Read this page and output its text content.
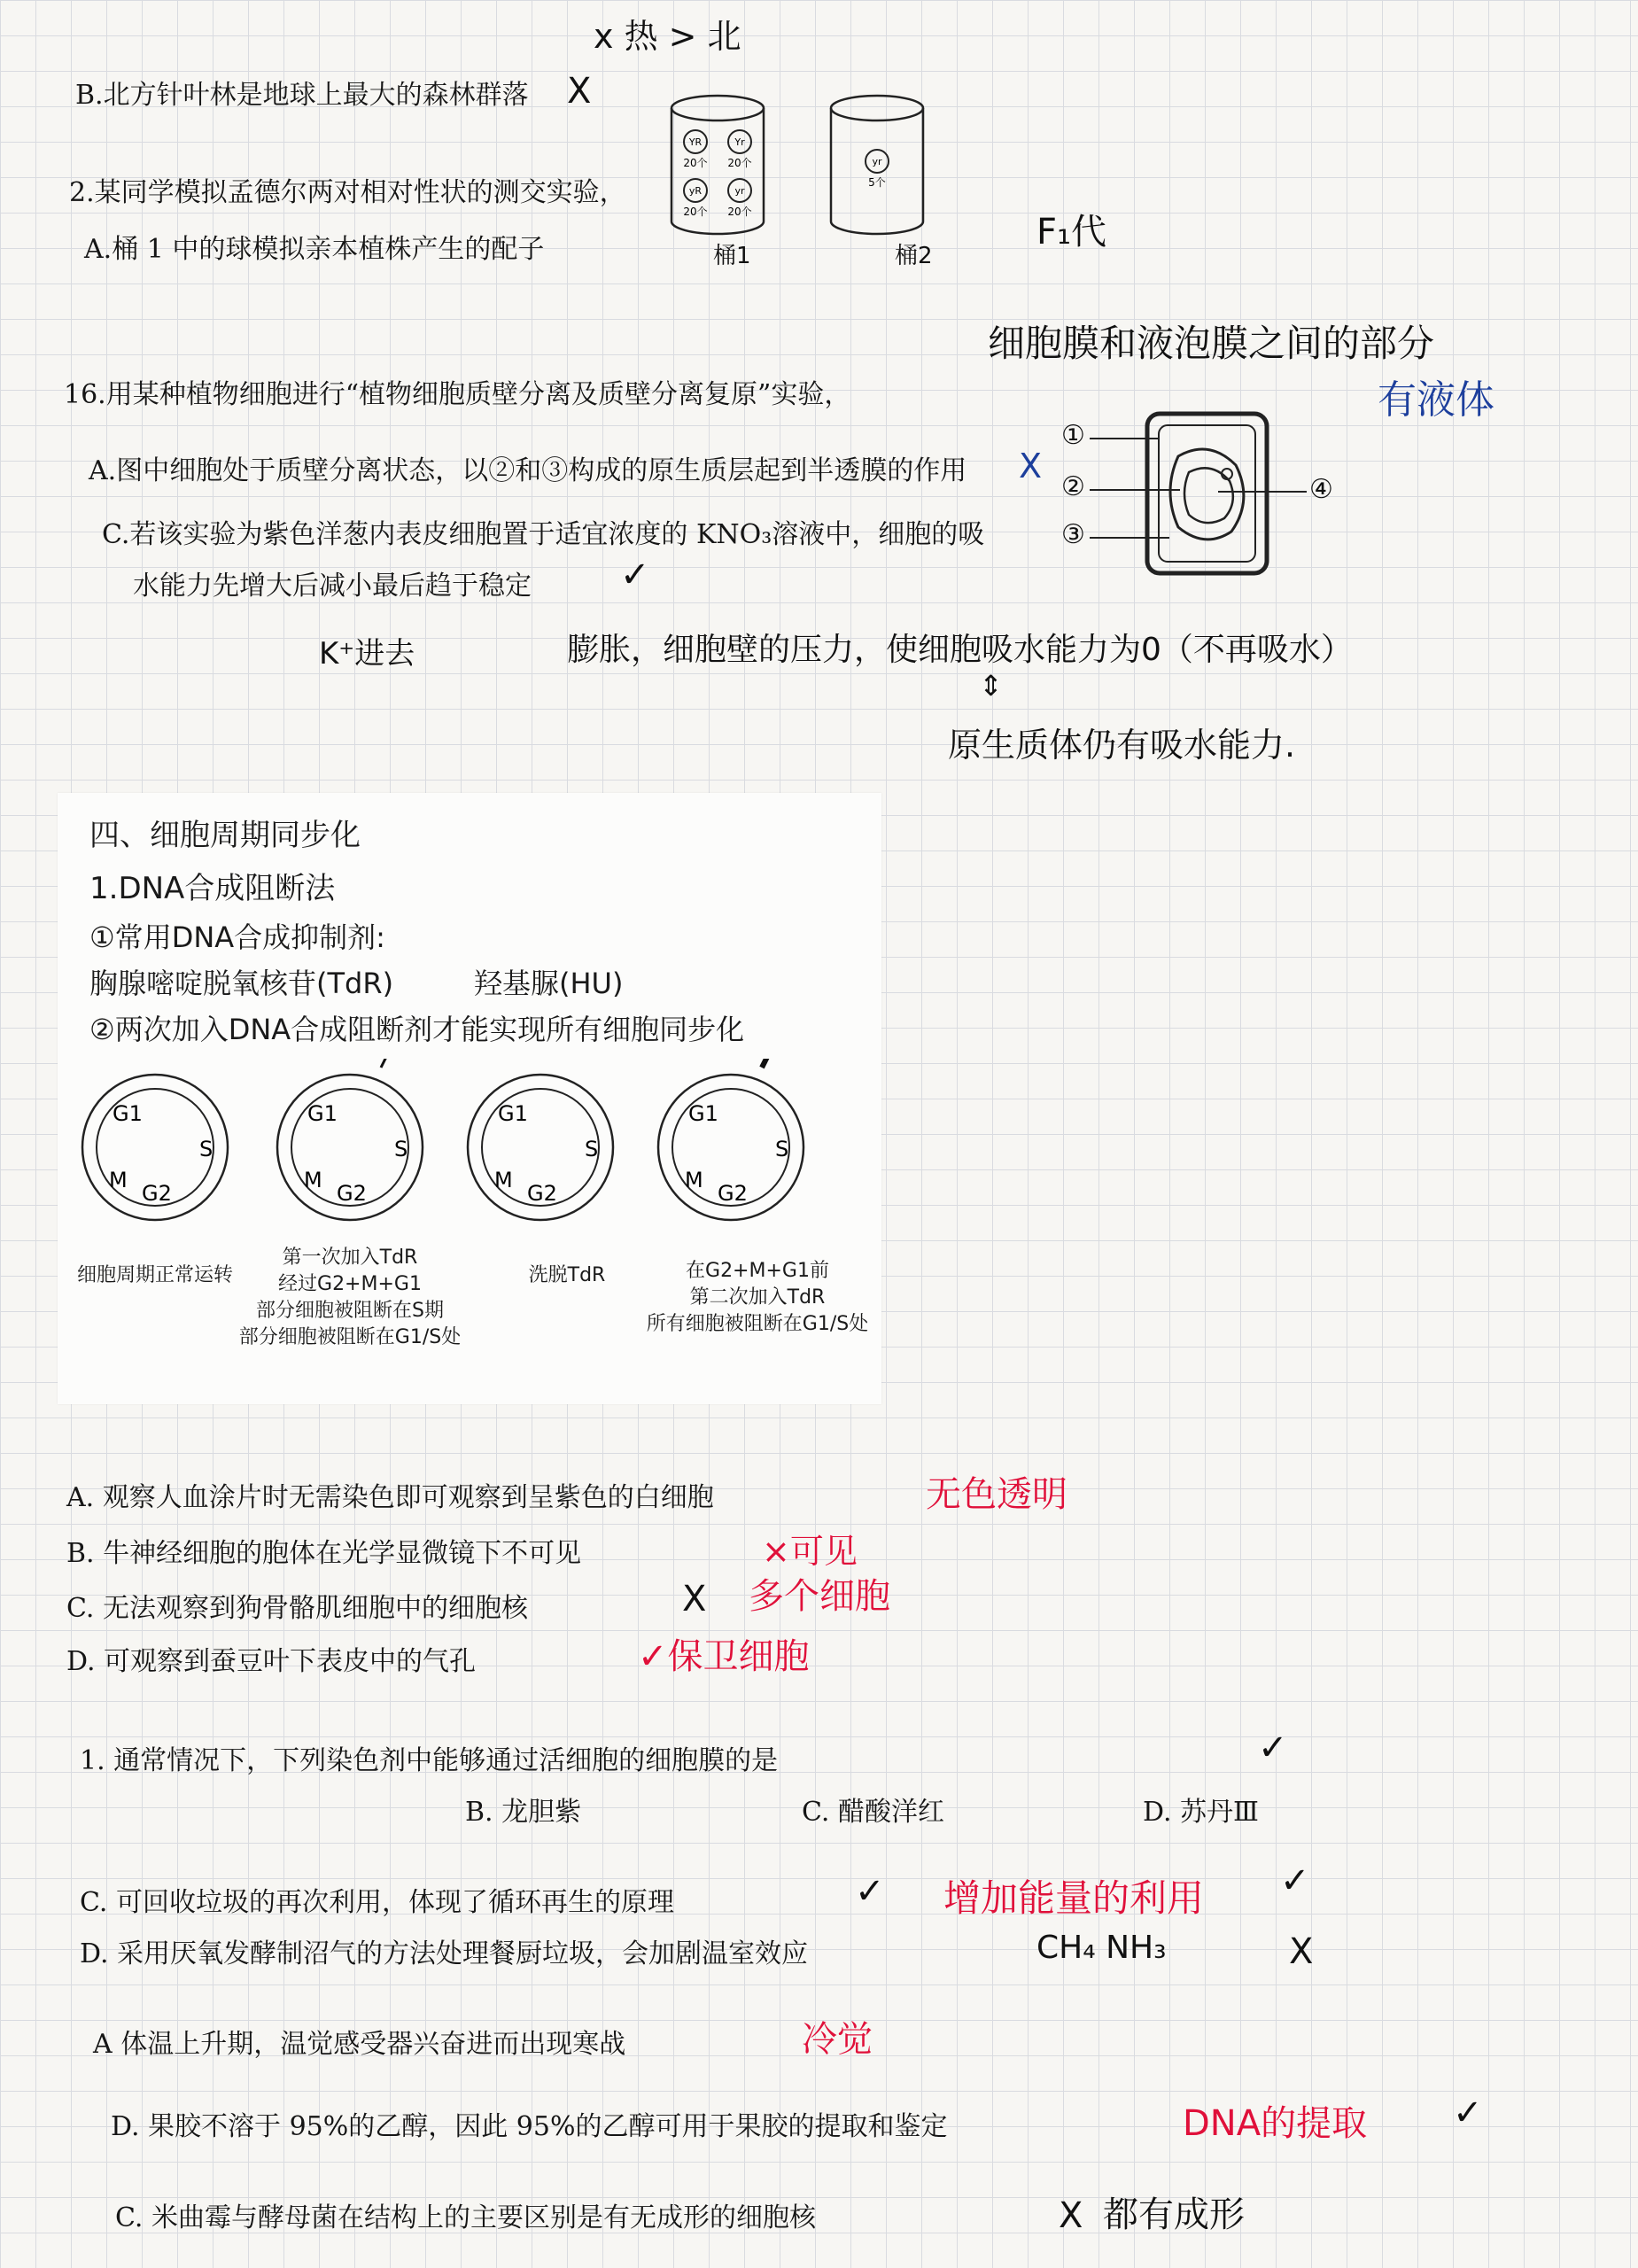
x 热 > 北
B.北方针叶林是地球上最大的森林群落 X
2.某同学模拟孟德尔两对相对性状的测交实验，
A.桶 1 中的球模拟亲本植株产生的配子
YR
20个
Yr
20个
yR
20个
yr
20个
yr
5个
桶1	桶2
F₁代
细胞膜和液泡膜之间的部分
有液体
16.用某种植物细胞进行“植物细胞质壁分离及质壁分离复原”实验，
A.图中细胞处于质壁分离状态，以②和③构成的原生质层起到半透膜的作用 X
C.若该实验为紫色洋葱内表皮细胞置于适宜浓度的 KNO₃溶液中，细胞的吸
水能力先增大后减小最后趋于稳定	✓
①
②
③
④
K⁺进去	膨胀，细胞壁的压力，使细胞吸水能力为0（不再吸水）
⇕
原生质体仍有吸水能力.
四、细胞周期同步化
1.DNA合成阻断法
①常用DNA合成抑制剂:
胸腺嘧啶脱氧核苷(TdR)	羟基脲(HU)
②两次加入DNA合成阻断剂才能实现所有细胞同步化
G1
S
M
G2
G1
S
M
G2
G1
S
M
G2
G1
S
M
G2
细胞周期正常运转
第一次加入TdR
经过G2+M+G1
部分细胞被阻断在S期
部分细胞被阻断在G1/S处
洗脱TdR	在G2+M+G1前
第二次加入TdR
所有细胞被阻断在G1/S处
A. 观察人血涂片时无需染色即可观察到呈紫色的白细胞	无色透明
B. 牛神经细胞的胞体在光学显微镜下不可见	×可见
C. 无法观察到狗骨骼肌细胞中的细胞核	X 多个细胞
D. 可观察到蚕豆叶下表皮中的气孔	✓保卫细胞
1. 通常情况下，下列染色剂中能够通过活细胞的细胞膜的是	✓
B. 龙胆紫	C. 醋酸洋红	D. 苏丹Ⅲ
C. 可回收垃圾的再次利用，体现了循环再生的原理	✓ 增加能量的利用 ✓
D. 采用厌氧发酵制沼气的方法处理餐厨垃圾，会加剧温室效应	CH₄ NH₃	X
A 体温上升期，温觉感受器兴奋进而出现寒战	冷觉
D. 果胶不溶于 95%的乙醇，因此 95%的乙醇可用于果胶的提取和鉴定	DNA的提取 ✓
C. 米曲霉与酵母菌在结构上的主要区别是有无成形的细胞核	X 都有成形
